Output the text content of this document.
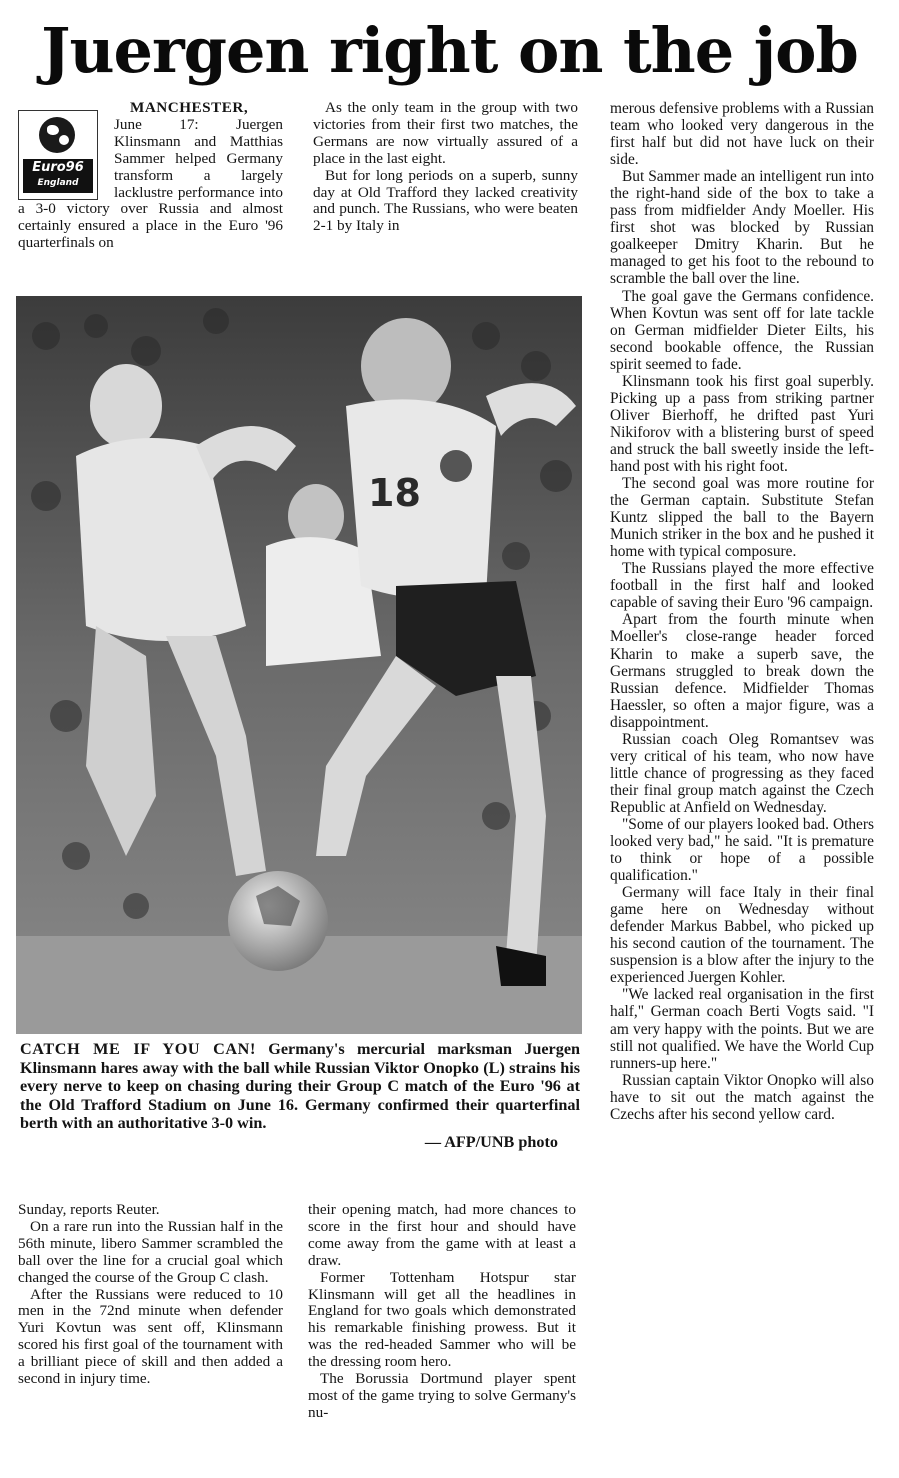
Juergen right on the job
Euro96
England

MANCHESTER,
June 17: Juergen Klinsmann and Matthias Sammer helped Germany transform a largely lacklustre performance into a 3-0 victory over Russia and almost certainly ensured a place in the Euro '96 quarterfinals on

As the only team in the group with two victories from their first two matches, the Germans are now virtually assured of a place in the last eight.

But for long periods on a superb, sunny day at Old Trafford they lacked creativity and punch. The Russians, who were beaten 2-1 by Italy in

merous defensive problems with a Russian team who looked very dangerous in the first half but did not have luck on their side.

But Sammer made an intelligent run into the right-hand side of the box to take a pass from midfielder Andy Moeller. His first shot was blocked by Russian goalkeeper Dmitry Kharin. But he managed to get his foot to the rebound to scramble the ball over the line.

The goal gave the Germans confidence. When Kovtun was sent off for late tackle on German midfielder Dieter Eilts, his second bookable offence, the Russian spirit seemed to fade.

Klinsmann took his first goal superbly. Picking up a pass from striking partner Oliver Bierhoff, he drifted past Yuri Nikiforov with a blistering burst of speed and struck the ball sweetly inside the left-hand post with his right foot.

The second goal was more routine for the German captain. Substitute Stefan Kuntz slipped the ball to the Bayern Munich striker in the box and he pushed it home with typical composure.

The Russians played the more effective football in the first half and looked capable of saving their Euro '96 campaign.

Apart from the fourth minute when Moeller's close-range header forced Kharin to make a superb save, the Germans struggled to break down the Russian defence. Midfielder Thomas Haessler, so often a major figure, was a disappointment.

Russian coach Oleg Romantsev was very critical of his team, who now have little chance of progressing as they faced their final group match against the Czech Republic at Anfield on Wednesday.

"Some of our players looked bad. Others looked very bad," he said. "It is premature to think or hope of a possible qualification."

Germany will face Italy in their final game here on Wednesday without defender Markus Babbel, who picked up his second caution of the tournament. The suspension is a blow after the injury to the experienced Juergen Kohler.

"We lacked real organisation in the first half," German coach Berti Vogts said. "I am very happy with the points. But we are still not qualified. We have the World Cup runners-up here."

Russian captain Viktor Onopko will also have to sit out the match against the Czechs after his second yellow card.

18
CATCH ME IF YOU CAN! Germany's mercurial marksman Juergen Klinsmann hares away with the ball while Russian Viktor Onopko (L) strains his every nerve to keep on chasing during their Group C match of the Euro '96 at the Old Trafford Stadium on June 16. Germany confirmed their quarterfinal berth with an authoritative 3-0 win.
— AFP/UNB photo

Sunday, reports Reuter.

On a rare run into the Russian half in the 56th minute, libero Sammer scrambled the ball over the line for a crucial goal which changed the course of the Group C clash.

After the Russians were reduced to 10 men in the 72nd minute when defender Yuri Kovtun was sent off, Klinsmann scored his first goal of the tournament with a brilliant piece of skill and then added a second in injury time.

their opening match, had more chances to score in the first hour and should have come away from the game with at least a draw.

Former Tottenham Hotspur star Klinsmann will get all the headlines in England for two goals which demonstrated his remarkable finishing prowess. But it was the red-headed Sammer who will be the dressing room hero.

The Borussia Dortmund player spent most of the game trying to solve Germany's nu-
